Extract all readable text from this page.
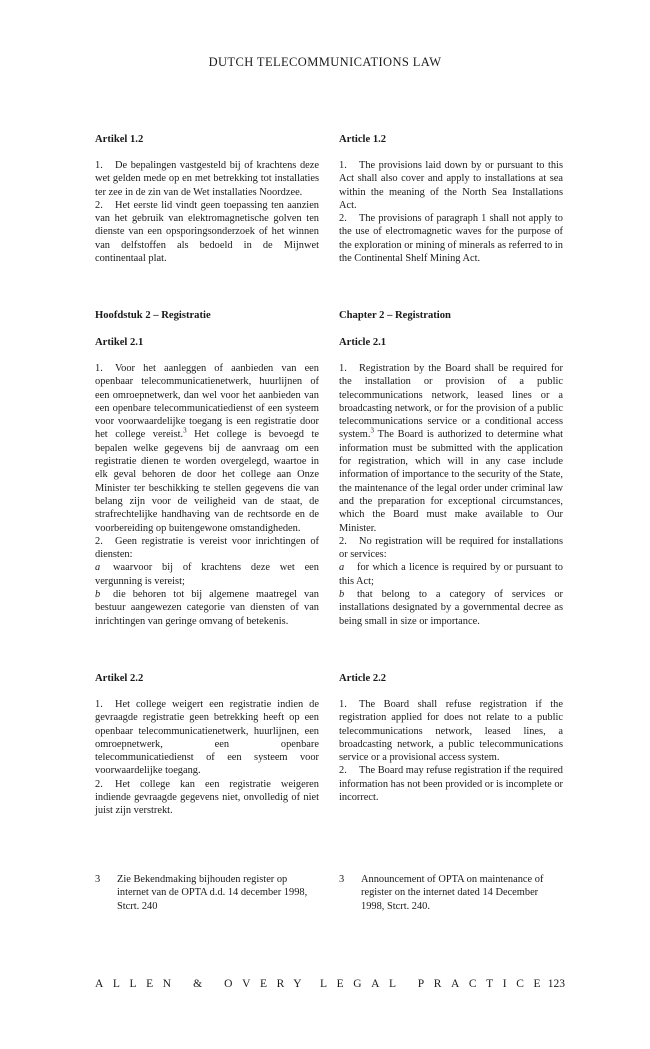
DUTCH TELECOMMUNICATIONS LAW
Artikel 1.2

1. De bepalingen vastgesteld bij of krachtens deze wet gelden mede op en met betrekking tot installaties ter zee in de zin van de Wet installaties Noordzee.

2. Het eerste lid vindt geen toepassing ten aanzien van het gebruik van elektromagnetische golven ten dienste van een opsporingsonderzoek of het winnen van delfstoffen als bedoeld in de Mijnwet continentaal plat.

Hoofdstuk 2 – Registratie
Artikel 2.1

1. Voor het aanleggen of aanbieden van een openbaar telecommunicatienetwerk, huurlijnen of een omroepnetwerk, dan wel voor het aanbieden van een openbare telecommunicatiedienst of een systeem voor voorwaardelijke toegang is een registratie door het college vereist.$^3$ Het college is bevoegd te bepalen welke gegevens bij de aanvraag om een registratie dienen te worden overgelegd, waartoe in elk geval behoren de door het college aan Onze Minister ter beschikking te stellen gegevens die van belang zijn voor de veiligheid van de staat, de strafrechtelijke handhaving van de rechtsorde en de voorbereiding op buitengewone omstandigheden.

2. Geen registratie is vereist voor inrichtingen of diensten:

a waarvoor bij of krachtens deze wet een vergunning is vereist;

b die behoren tot bij algemene maatregel van bestuur aangewezen categorie van diensten of van inrichtingen van geringe omvang of betekenis.

Artikel 2.2

1. Het college weigert een registratie indien de gevraagde registratie geen betrekking heeft op een openbaar telecommunicatienetwerk, huurlijnen, een omroepnetwerk, een openbare telecommunicatiedienst of een systeem voor voorwaardelijke toegang.

2. Het college kan een registratie weigeren indiende gevraagde gegevens niet, onvolledig of niet juist zijn verstrekt.

3 Zie Bekendmaking bijhouden register op internet van de OPTA d.d. 14 december 1998, Stcrt. 240
Article 1.2

1. The provisions laid down by or pursuant to this Act shall also cover and apply to installations at sea within the meaning of the North Sea Installations Act.

2. The provisions of paragraph 1 shall not apply to the use of electromagnetic waves for the purpose of the exploration or mining of minerals as referred to in the Continental Shelf Mining Act.

Chapter 2 – Registration
Article 2.1

1. Registration by the Board shall be required for the installation or provision of a public telecommunications network, leased lines or a broadcasting network, or for the provision of a public telecommunications service or a conditional access system.$^3$ The Board is authorized to determine what information must be submitted with the application for registration, which will in any case include information of importance to the security of the State, the maintenance of the legal order under criminal law and the preparation for exceptional circumstances, which the Board must make available to Our Minister.

2. No registration will be required for installations or services:

a for which a licence is required by or pursuant to this Act;

b that belong to a category of services or installations designated by a governmental decree as being small in size or importance.

Article 2.2

1. The Board shall refuse registration if the registration applied for does not relate to a public telecommunications network, leased lines, a broadcasting network, a public telecommunications service or a provisional access system.

2. The Board may refuse registration if the required information has not been provided or is incomplete or incorrect.

3 Announcement of OPTA on maintenance of register on the internet dated 14 December 1998, Stcrt. 240.
ALLEN & OVERY LEGAL PRACTICE
123
